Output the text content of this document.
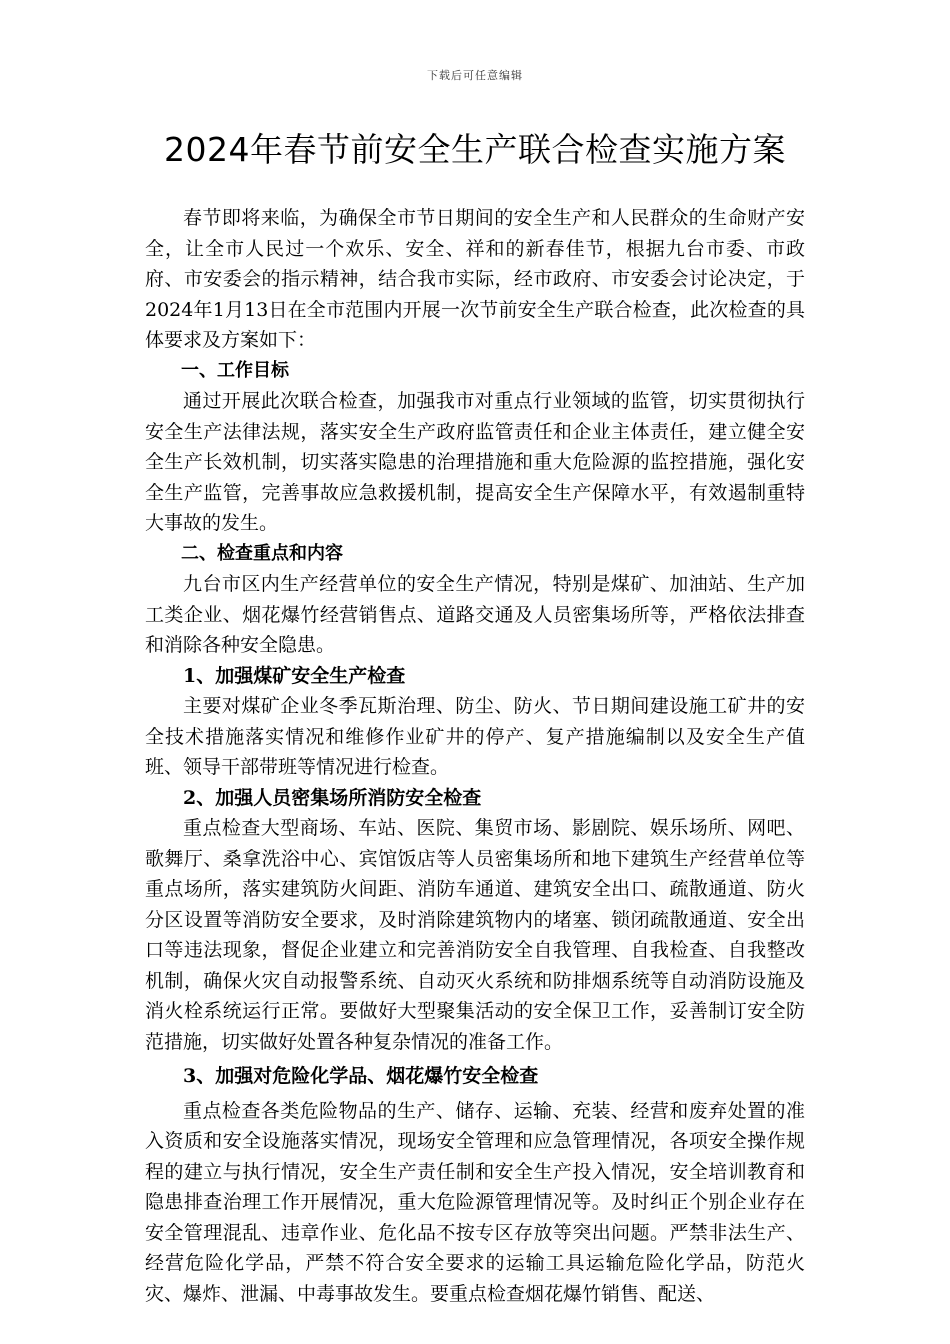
下载后可任意编辑
2024年春节前安全生产联合检查实施方案

春节即将来临，为确保全市节日期间的安全生产和人民群众的生命财产安全，让全市人民过一个欢乐、安全、祥和的新春佳节，根据九台市委、市政府、市安委会的指示精神，结合我市实际，经市政府、市安委会讨论决定，于2024年1月13日在全市范围内开展一次节前安全生产联合检查，此次检查的具体要求及方案如下：

一、工作目标

通过开展此次联合检查，加强我市对重点行业领域的监管，切实贯彻执行安全生产法律法规，落实安全生产政府监管责任和企业主体责任，建立健全安全生产长效机制，切实落实隐患的治理措施和重大危险源的监控措施，强化安全生产监管，完善事故应急救援机制，提高安全生产保障水平，有效遏制重特大事故的发生。

二、检查重点和内容

九台市区内生产经营单位的安全生产情况，特别是煤矿、加油站、生产加工类企业、烟花爆竹经营销售点、道路交通及人员密集场所等，严格依法排查和消除各种安全隐患。

1、加强煤矿安全生产检查

主要对煤矿企业冬季瓦斯治理、防尘、防火、节日期间建设施工矿井的安全技术措施落实情况和维修作业矿井的停产、复产措施编制以及安全生产值班、领导干部带班等情况进行检查。

2、加强人员密集场所消防安全检查

重点检查大型商场、车站、医院、集贸市场、影剧院、娱乐场所、网吧、歌舞厅、桑拿洗浴中心、宾馆饭店等人员密集场所和地下建筑生产经营单位等重点场所，落实建筑防火间距、消防车通道、建筑安全出口、疏散通道、防火分区设置等消防安全要求，及时消除建筑物内的堵塞、锁闭疏散通道、安全出口等违法现象，督促企业建立和完善消防安全自我管理、自我检查、自我整改机制，确保火灾自动报警系统、自动灭火系统和防排烟系统等自动消防设施及消火栓系统运行正常。要做好大型聚集活动的安全保卫工作，妥善制订安全防范措施，切实做好处置各种复杂情况的准备工作。

3、加强对危险化学品、烟花爆竹安全检查

重点检查各类危险物品的生产、储存、运输、充装、经营和废弃处置的准入资质和安全设施落实情况，现场安全管理和应急管理情况，各项安全操作规程的建立与执行情况，安全生产责任制和安全生产投入情况，安全培训教育和隐患排查治理工作开展情况，重大危险源管理情况等。及时纠正个别企业存在安全管理混乱、违章作业、危化品不按专区存放等突出问题。严禁非法生产、经营危险化学品，严禁不符合安全要求的运输工具运输危险化学品，防范火灾、爆炸、泄漏、中毒事故发生。要重点检查烟花爆竹销售、配送、
